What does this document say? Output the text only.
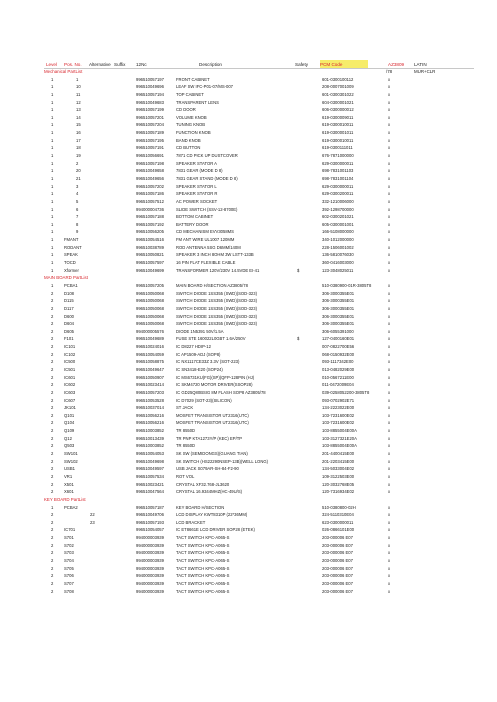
Level Pos. No. Alternative Suffix 12Nc	Description	Safety	PCM Code	AZ3809 LATIN
/78	MUR+CLR
Mechanical PartList
1	1	996510057197	FRONT CABINET	601-0300100112	x
1	10	996510049696	LEAF SW IFC-P01-07/MS-007	208-0007001009	x
1	11	996510057194	TOP CABINET	601-0300301022	x
1	12	996510049683	TRANSPARENT LENS	604-0300001021	x
1	13	996510057199	CD DOOR	606-0300000012	x
1	14	996510057201	VOLUME KNOB	619-0300009011	x
1	15	996510057204	TUNING KNOB	619-0300010011	x
1	16	996510057189	FUNCTION KNOB	619-0300001011	x
1	17	996510057195	BAND KNOB	619-0300010011	x
1	18	996510057191	CD BUTTON	619-0300111011	x
1	19	996510056691	7871 CD PICK UP DUSTCOVER	676-7871000000	x
1	2	996510057198	SPEAKER STATOR A	629-0300000011	x
1	20	996510049658	7831 GEAR (MODE D 8)	698-7831001103	x
1	21	996510049656	7831 GEAR STAND (MODE D 8)	698-7831001104	x
1	3	996510057202	SPEAKER STATOR L	629-0300000011	x
1	4	996510057186	SPEAKER STATOR R	629-0300200011	x
1	5	996510057512	AC POWER SOCKET	332-1210006000	x
1	6	994000004736	SLIDE SWITCH (SSV-12-8700E)	392-1298700000	x
1	7	996510057188	BOTTOM CABINET	602-0300201021	x
1	8	996510057192	BATTERY DOOR	605-0300001001	x
1	9	996510056205	CD MECHANISM EVV3058MS	166-5108000000	x
1	FMANT	996510054516	FM ANT WIRE UL1007 120MM	340-1012000000	x
1	RODANT	996510038789	ROD ANTENNA 5SG D6MM/140M	228-1506001002	x
1	SPEAK	996510050821	SPEAKER 3 INCH 8OHM 3W LSTT-133B	136-5810076030	x
1	TOCD	996510057597	16 PIN FLAT FLEXIBLE CABLE	360-0416003000	x
1	Xformer	996510049699	TRANSFORMER 120V/230V 14.5VDE EI-41	$	123-3048025011	x
MAIN BOARD PartList
1	PCBA1	996510057205	MAIN BOARD H/SECTION AZ3805/78	510-0380900-01R-3805T8	x
2	D108	996510050068	SWITCH DIODE 1SS355 (SWD)(SOD-323)	306-3000355E01	x
2	D115	996510050068	SWITCH DIODE 1SS355 (SWD)(SOD-323)	306-3000355E01	x
2	D117	996510050068	SWITCH DIODE 1SS355 (SWD)(SOD-323)	306-3000355E01	x
2	D600	996510050068	SWITCH DIODE 1SS355 (SWD)(SOD-323)	306-3000355E01	x
2	D604	996510050068	SWITCH DIODE 1SS355 (SWD)(SOD-323)	306-3000355E01	x
2	D605	994000005576	DIODE 1N5391 50V/1.5A	306-6055391000	x
2	F101	996510049689	FUSE STE 160022L0GBT 1.6A/250V	$	127-0400160E01	x
2	IC101	996510024016	IC D8227 HDIP-12	007-0822700E56	x
2	IC102	996510054059	IC AP1509-ADJ (SOP8)	068-0150932E00	x
2	IC500	996510058875	IC NX1117CE33Z 3.3V (SOT-223)	093-1117342E00	x
2	IC501	996510049647	IC SN3418-E20 (SOP24)	013-0482029E00	x
2	IC601	996510050907	IC MS6731KU(FG)(SP)(QFP-128PIN (HJ)	010-0567211E00	x
2	IC602	996510023414	IC SKM4720 MOTOR DRIVER(SSOP28)	011-0472009E04	x
2	IC603	996510057203	IC GD25Q80BSIG 8M FLASH SOP8 AZ3805/78	039-0258052200-3805T8	x
2	IC607	996510053528	IC D7029 (SOT-23)(SILICON)	093-0702902E71	x
2	JK101	996510037014	ST JACK	134-2223022E00	x
2	Q101	996510056216	MOSFET TRANSISTOR UT2316(UTC)	103-7231600E02	x
2	Q104	996510056216	MOSFET TRANSISTOR UT2316(UTC)	103-7231600E02	x
2	Q109	996510003852	TR 8550D	103-8855004E00A	x
2	Q12	996510013439	TR PNP KTA1273Y/P (KEC) EP/TP	103-3127321E20A	x
2	Q503	996510003852	TR 8550D	103-8855004E00A	x
2	SW101	996510054053	SK SW (SEMIDONGS)(GUANG TIAN)	201-4400415E00	x
2	SW102	996510049698	SK SWITCH (HS22290NSEP-13B)(WELL LONG)	201-2203415E00	x
2	USB1	996510049597	USB JACK S079AR-SH-84-F2-90	134-5033004E02	x
2	VR1	996510057534	ROT VOL	109-3122503E00	x
2	X501	996510023421	CRYSTAL XF32.768-JL3620	120-3032768E05	x
2	X601	996510047564	CRYSTAL 16.9344MHZ(HC-49U/S)	120-7316934E02	x
KEY BOARD PartList
1	PCBA2	996510057187	KEY BOARD H/SECTION	510-0380800-02H	x
2	22	996510049706	LCD DISPLAY KWT8310P (22*36MM)	324-5110310E04	x
2	23	996510057193	LCD BRACKET	623-0300000011	x
2	IC701	996510054057	IC ET8661E LCD DRIVER SOP28 (ETEK)	026-0866101E00	x
2	S701	994000003939	TACT SWITCH KPC-A065-S	203-000006 E07	x
2	S702	994000003939	TACT SWITCH KPC-A065-S	203-000006 E07	x
2	S703	994000003939	TACT SWITCH KPC-A065-S	203-000006 E07	x
2	S704	994000003939	TACT SWITCH KPC-A065-S	203-000006 E07	x
2	S705	994000003939	TACT SWITCH KPC-A065-S	203-000006 E07	x
2	S706	994000003939	TACT SWITCH KPC-A065-S	203-000006 E07	x
2	S707	994000003939	TACT SWITCH KPC-A065-S	203-000006 E07	x
2	S708	994000003939	TACT SWITCH KPC-A065-S	203-000006 E07	x
